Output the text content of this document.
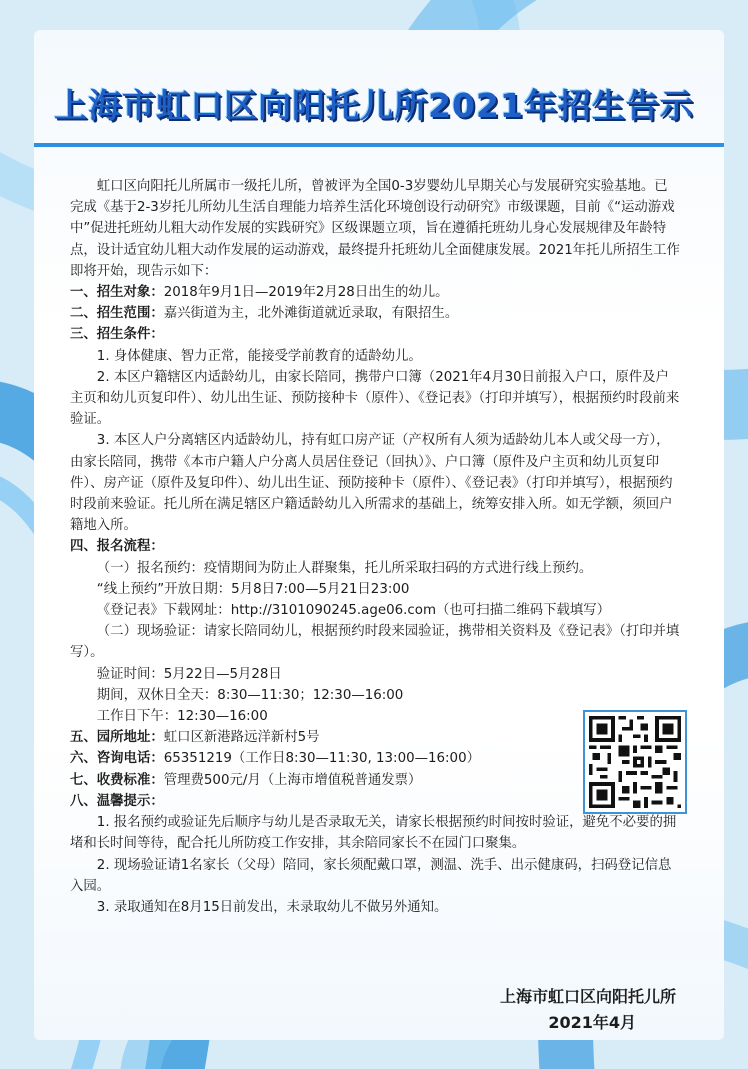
上海市虹口区向阳托儿所2021年招生告示

虹口区向阳托儿所属市一级托儿所，曾被评为全国0-3岁婴幼儿早期关心与发展研究实验基地。已完成《基于2-3岁托儿所幼儿生活自理能力培养生活化环境创设行动研究》市级课题，目前《“运动游戏中”促进托班幼儿粗大动作发展的实践研究》区级课题立项，旨在遵循托班幼儿身心发展规律及年龄特点，设计适宜幼儿粗大动作发展的运动游戏，最终提升托班幼儿全面健康发展。2021年托儿所招生工作即将开始，现告示如下：

一、招生对象：2018年9月1日—2019年2月28日出生的幼儿。

二、招生范围：嘉兴街道为主，北外滩街道就近录取，有限招生。

三、招生条件：

1. 身体健康、智力正常，能接受学前教育的适龄幼儿。

2. 本区户籍辖区内适龄幼儿，由家长陪同，携带户口簿（2021年4月30日前报入户口，原件及户主页和幼儿页复印件）、幼儿出生证、预防接种卡（原件）、《登记表》（打印并填写），根据预约时段前来验证。

3. 本区人户分离辖区内适龄幼儿，持有虹口房产证（产权所有人须为适龄幼儿本人或父母一方），由家长陪同，携带《本市户籍人户分离人员居住登记（回执）》、户口簿（原件及户主页和幼儿页复印件）、房产证（原件及复印件）、幼儿出生证、预防接种卡（原件）、《登记表》（打印并填写），根据预约时段前来验证。托儿所在满足辖区户籍适龄幼儿入所需求的基础上，统筹安排入所。如无学额，须回户籍地入所。

四、报名流程：

（一）报名预约：疫情期间为防止人群聚集，托儿所采取扫码的方式进行线上预约。

“线上预约”开放日期：5月8日7:00—5月21日23:00

《登记表》下载网址：http://3101090245.age06.com（也可扫描二维码下载填写）

（二）现场验证：请家长陪同幼儿，根据预约时段来园验证，携带相关资料及《登记表》（打印并填写）。

验证时间：5月22日—5月28日

期间，双休日全天：8:30—11:30；12:30—16:00

工作日下午：12:30—16:00

五、园所地址：虹口区新港路远洋新村5号

六、咨询电话：65351219（工作日8:30—11:30, 13:00—16:00）

七、收费标准：管理费500元/月（上海市增值税普通发票）

八、温馨提示：

1. 报名预约或验证先后顺序与幼儿是否录取无关，请家长根据预约时间按时验证，避免不必要的拥堵和长时间等待，配合托儿所防疫工作安排，其余陪同家长不在园门口聚集。

2. 现场验证请1名家长（父母）陪同，家长须配戴口罩，测温、洗手、出示健康码，扫码登记信息入园。

3. 录取通知在8月15日前发出，未录取幼儿不做另外通知。

上海市虹口区向阳托儿所
2021年4月
